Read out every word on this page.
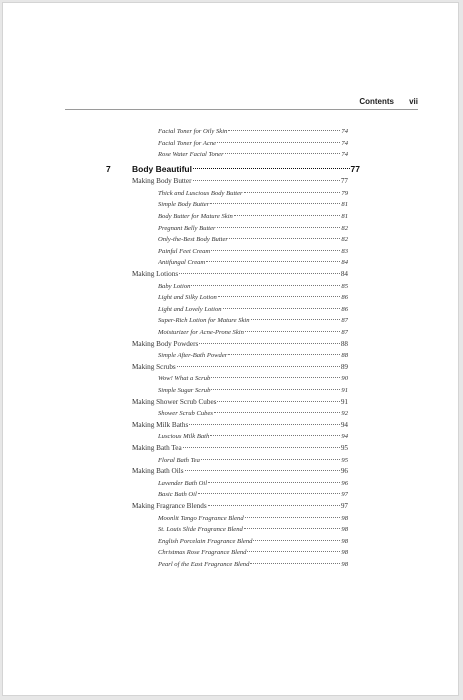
Contents vii
Facial Toner for Oily Skin	74
Facial Toner for Acne	74
Rose Water Facial Toner	74
7	Body Beautiful	77
Making Body Butter	77
Thick and Luscious Body Butter	79
Simple Body Butter	81
Body Butter for Mature Skin	81
Pregnant Belly Butter	82
Only-the-Best Body Butter	82
Painful Feet Cream	83
Antifungal Cream	84
Making Lotions	84
Baby Lotion	85
Light and Silky Lotion	86
Light and Lovely Lotion	86
Super-Rich Lotion for Mature Skin	87
Moisturizer for Acne-Prone Skin	87
Making Body Powders	88
Simple After-Bath Powder	88
Making Scrubs	89
Wow! What a Scrub	90
Simple Sugar Scrub	91
Making Shower Scrub Cubes	91
Shower Scrub Cubes	92
Making Milk Baths	94
Luscious Milk Bath	94
Making Bath Tea	95
Floral Bath Tea	95
Making Bath Oils	96
Lavender Bath Oil	96
Basic Bath Oil	97
Making Fragrance Blends	97
Moonlit Tango Fragrance Blend	98
St. Louis Slide Fragrance Blend	98
English Porcelain Fragrance Blend	98
Christmas Rose Fragrance Blend	98
Pearl of the East Fragrance Blend	98
